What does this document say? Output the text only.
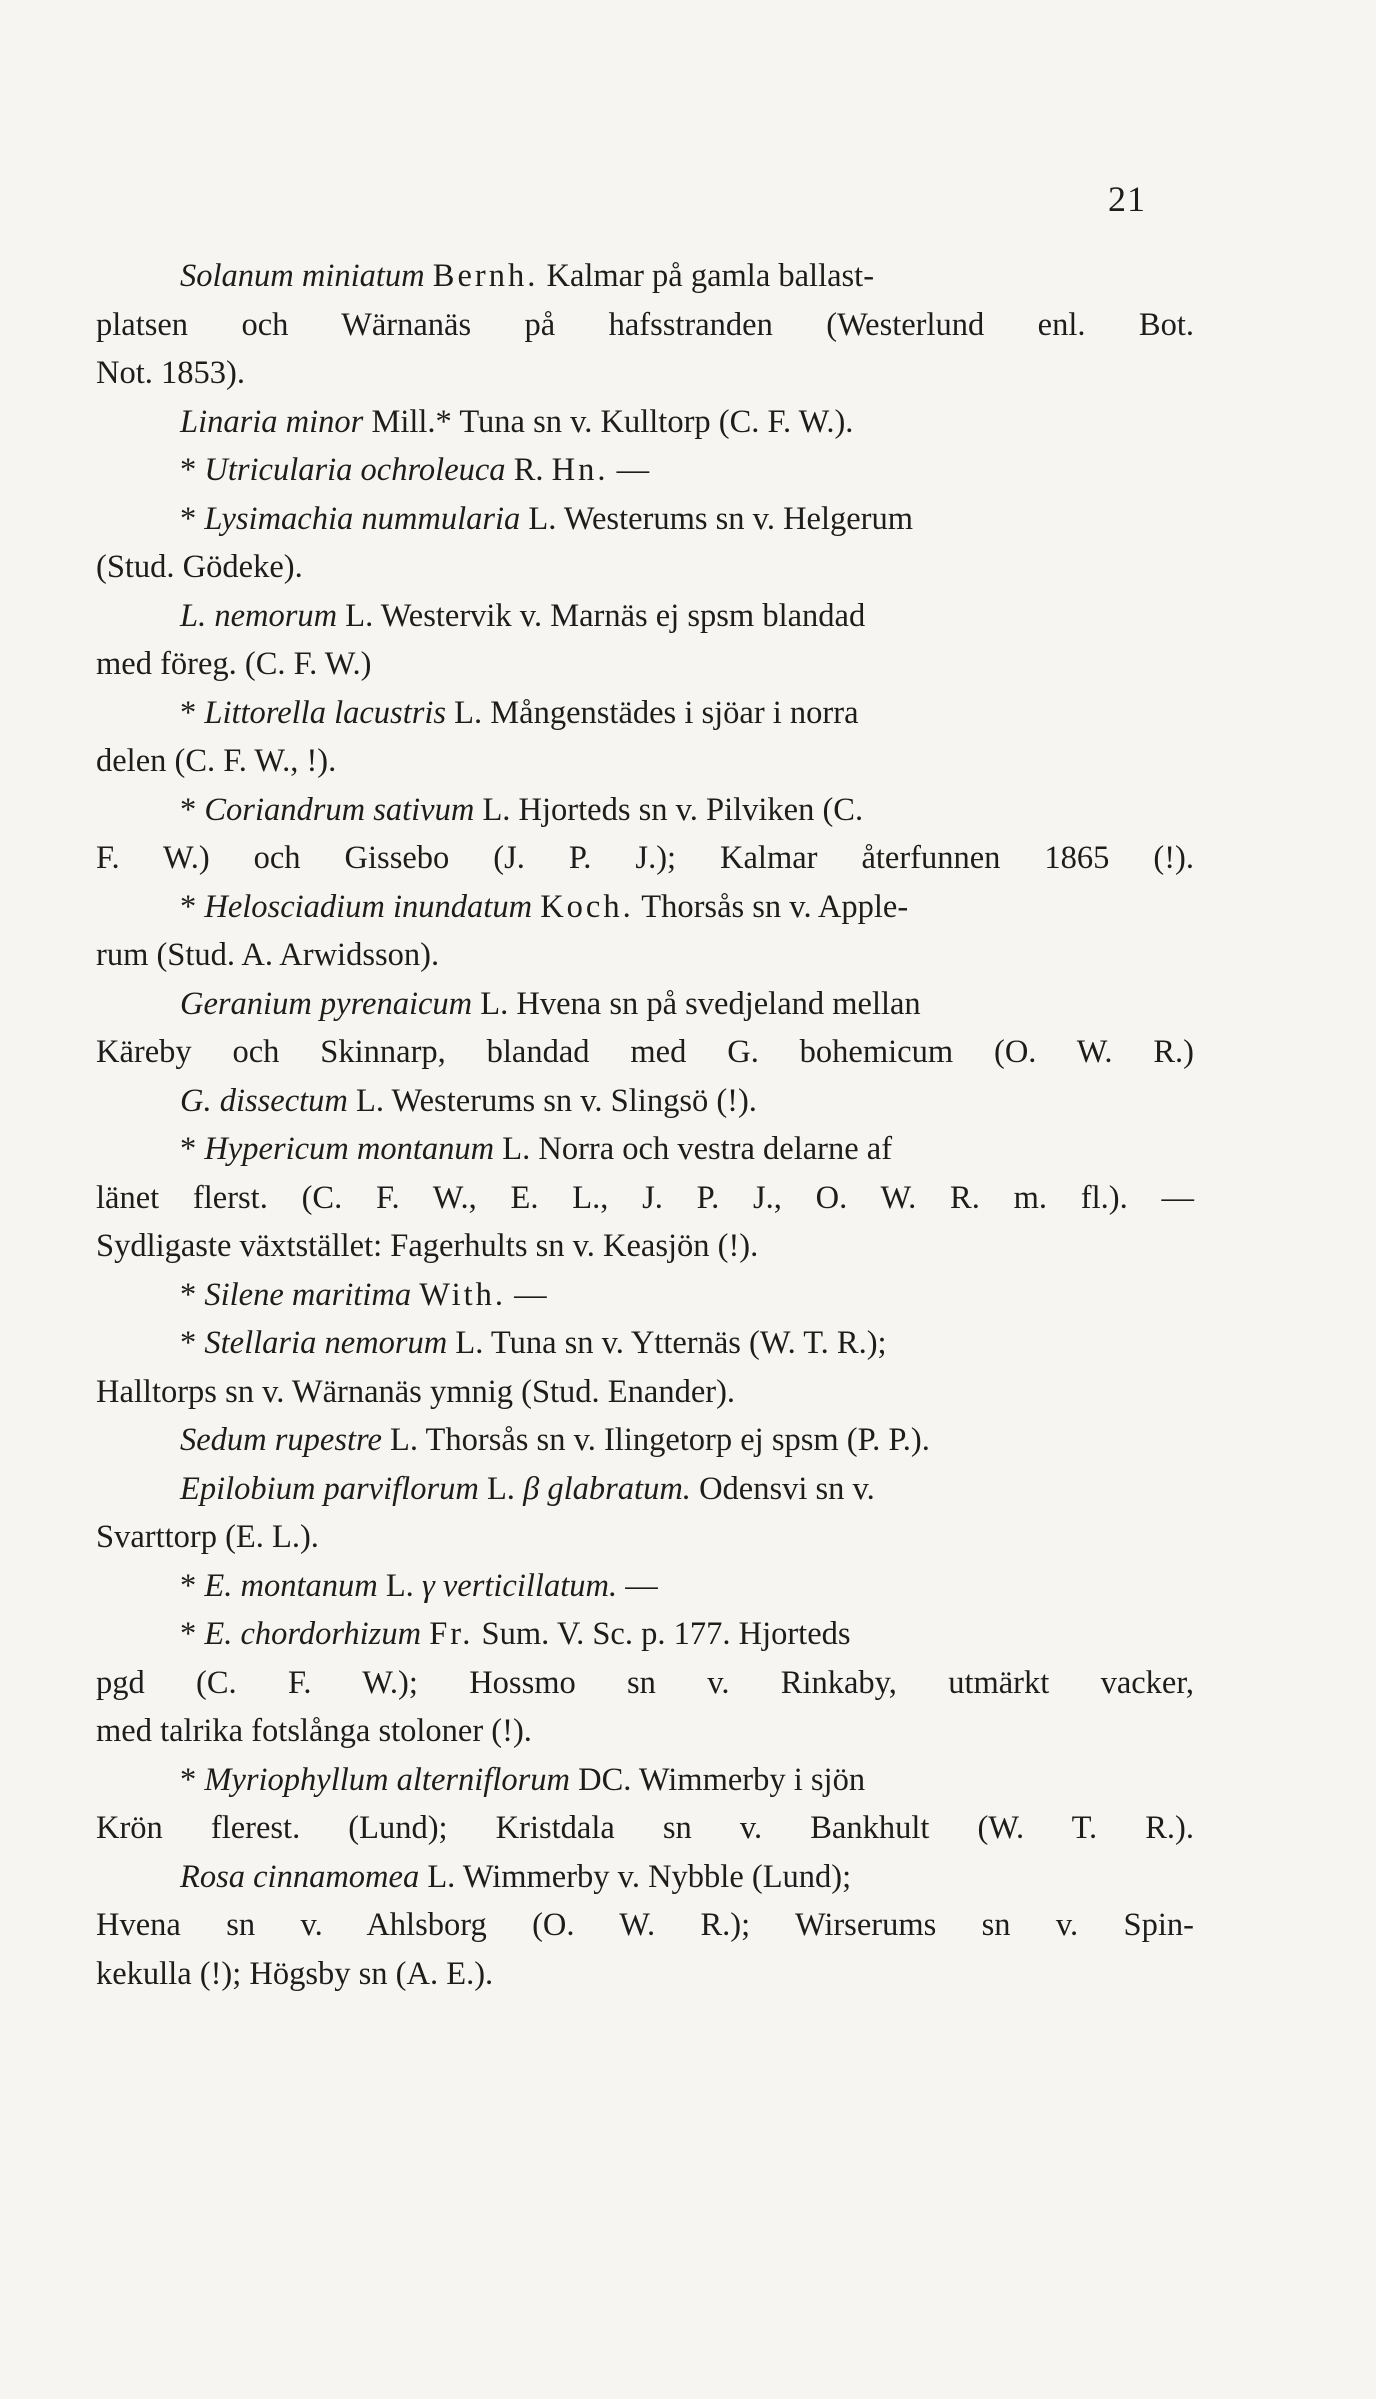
21
Solanum miniatum Bernh. Kalmar på gamla ballast-
platsen och Wärnanäs på hafsstranden (Westerlund enl. Bot.
Not. 1853).
Linaria minor Mill.* Tuna sn v. Kulltorp (C. F. W.).
* Utricularia ochroleuca R. Hn. —
* Lysimachia nummularia L. Westerums sn v. Helgerum
(Stud. Gödeke).
L. nemorum L. Westervik v. Marnäs ej spsm blandad
med föreg. (C. F. W.)
* Littorella lacustris L. Mångenstädes i sjöar i norra
delen (C. F. W., !).
* Coriandrum sativum L. Hjorteds sn v. Pilviken (C.
F. W.) och Gissebo (J. P. J.); Kalmar återfunnen 1865 (!).
* Helosciadium inundatum Koch. Thorsås sn v. Apple-
rum (Stud. A. Arwidsson).
Geranium pyrenaicum L. Hvena sn på svedjeland mellan
Käreby och Skinnarp, blandad med G. bohemicum (O. W. R.)
G. dissectum L. Westerums sn v. Slingsö (!).
* Hypericum montanum L. Norra och vestra delarne af
länet flerst. (C. F. W., E. L., J. P. J., O. W. R. m. fl.). —
Sydligaste växtstället: Fagerhults sn v. Keasjön (!).
* Silene maritima With. —
* Stellaria nemorum L. Tuna sn v. Ytternäs (W. T. R.);
Halltorps sn v. Wärnanäs ymnig (Stud. Enander).
Sedum rupestre L. Thorsås sn v. Ilingetorp ej spsm (P. P.).
Epilobium parviflorum L. β glabratum. Odensvi sn v.
Svarttorp (E. L.).
* E. montanum L. γ verticillatum. —
* E. chordorhizum Fr. Sum. V. Sc. p. 177. Hjorteds
pgd (C. F. W.); Hossmo sn v. Rinkaby, utmärkt vacker,
med talrika fotslånga stoloner (!).
* Myriophyllum alterniflorum DC. Wimmerby i sjön
Krön flerest. (Lund); Kristdala sn v. Bankhult (W. T. R.).
Rosa cinnamomea L. Wimmerby v. Nybble (Lund);
Hvena sn v. Ahlsborg (O. W. R.); Wirserums sn v. Spin-
kekulla (!); Högsby sn (A. E.).
